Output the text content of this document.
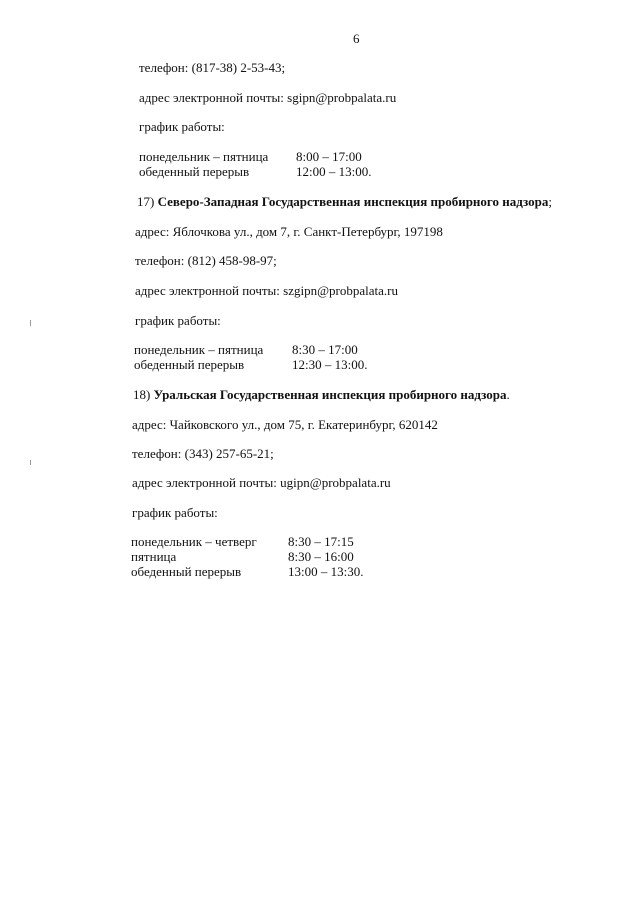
6
телефон: (817-38) 2-53-43;
адрес электронной почты: sgipn@probpalata.ru
график работы:
понедельник – пятница 8:00 – 17:00
обеденный перерыв	12:00 – 13:00.
17) Северо-Западная Государственная инспекция пробирного надзора;
адрес: Яблочкова ул., дом 7, г. Санкт-Петербург, 197198
телефон: (812) 458-98-97;
адрес электронной почты: szgipn@probpalata.ru
график работы:
понедельник – пятница 8:30 – 17:00
обеденный перерыв	12:30 – 13:00.
18) Уральская Государственная инспекция пробирного надзора.
адрес: Чайковского ул., дом 75, г. Екатеринбург, 620142
телефон: (343) 257-65-21;
адрес электронной почты: ugipn@probpalata.ru
график работы:
понедельник – четверг 8:30 – 17:15
пятница	8:30 – 16:00
обеденный перерыв	13:00 – 13:30.
